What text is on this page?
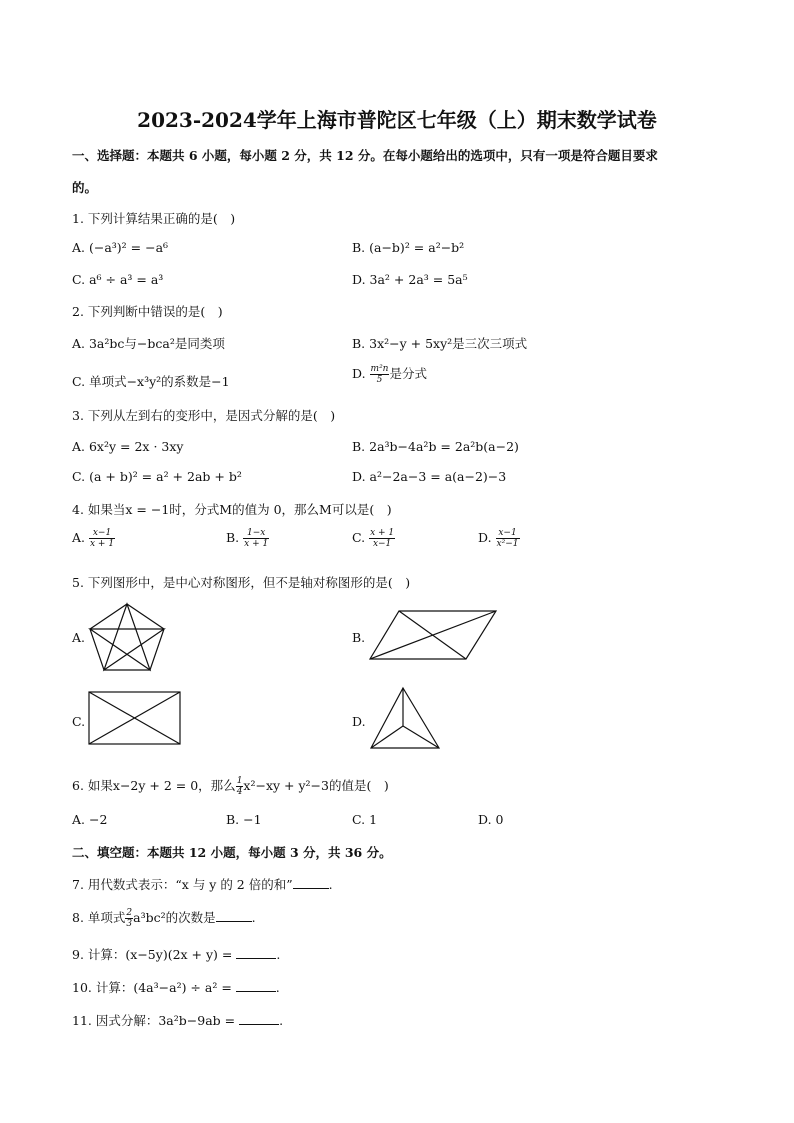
2023-2024学年上海市普陀区七年级（上）期末数学试卷
一、选择题：本题共 6 小题，每小题 2 分，共 12 分。在每小题给出的选项中，只有一项是符合题目要求
的。
1. 下列计算结果正确的是(　)
A. (−a³)² = −a⁶	B. (a−b)² = a²−b²
C. a⁶ ÷ a³ = a³	D. 3a² + 2a³ = 5a⁵
2. 下列判断中错误的是(　)
A. 3a²bc与−bca²是同类项	B. 3x²−y + 5xy²是三次三项式
C. 单项式−x³y²的系数是−1
D. $\frac{\text{m²n}}{5}$ 是分式
3. 下列从左到右的变形中，是因式分解的是(　)
A. 6x²y = 2x · 3xy	B. 2a³b−4a²b = 2a²b(a−2)
C. (a + b)² = a² + 2ab + b²	D. a²−2a−3 = a(a−2)−3
4. 如果当x = −1时，分式M的值为 0，那么M可以是(　)
A. $\frac{x-1}{x + 1}$	B. $\frac{1-x}{x + 1}$	C. $\frac{x + 1}{x-1}$	D. $\frac{x-1}{\text{x²−1}}$
5. 下列图形中，是中心对称图形，但不是轴对称图形的是(　)
A.	B.
C.	D.
6. 如果x−2y + 2 = 0，那么 $\frac{1}{4} x^2-xy + y^2-3$的值是(　)
A. −2	B. −1	C. 1	D. 0
二、填空题：本题共 12 小题，每小题 3 分，共 36 分。
7. 用代数式表示：“x 与 y 的 2 倍的和”	.
8. 单项式 $\frac{2}{3} a^3bc^2$的次数是	.
9. 计算：(x−5y)(2x + y) =	.
10. 计算：(4a³−a²) ÷ a² =	.
11. 因式分解：3a²b−9ab =	.
